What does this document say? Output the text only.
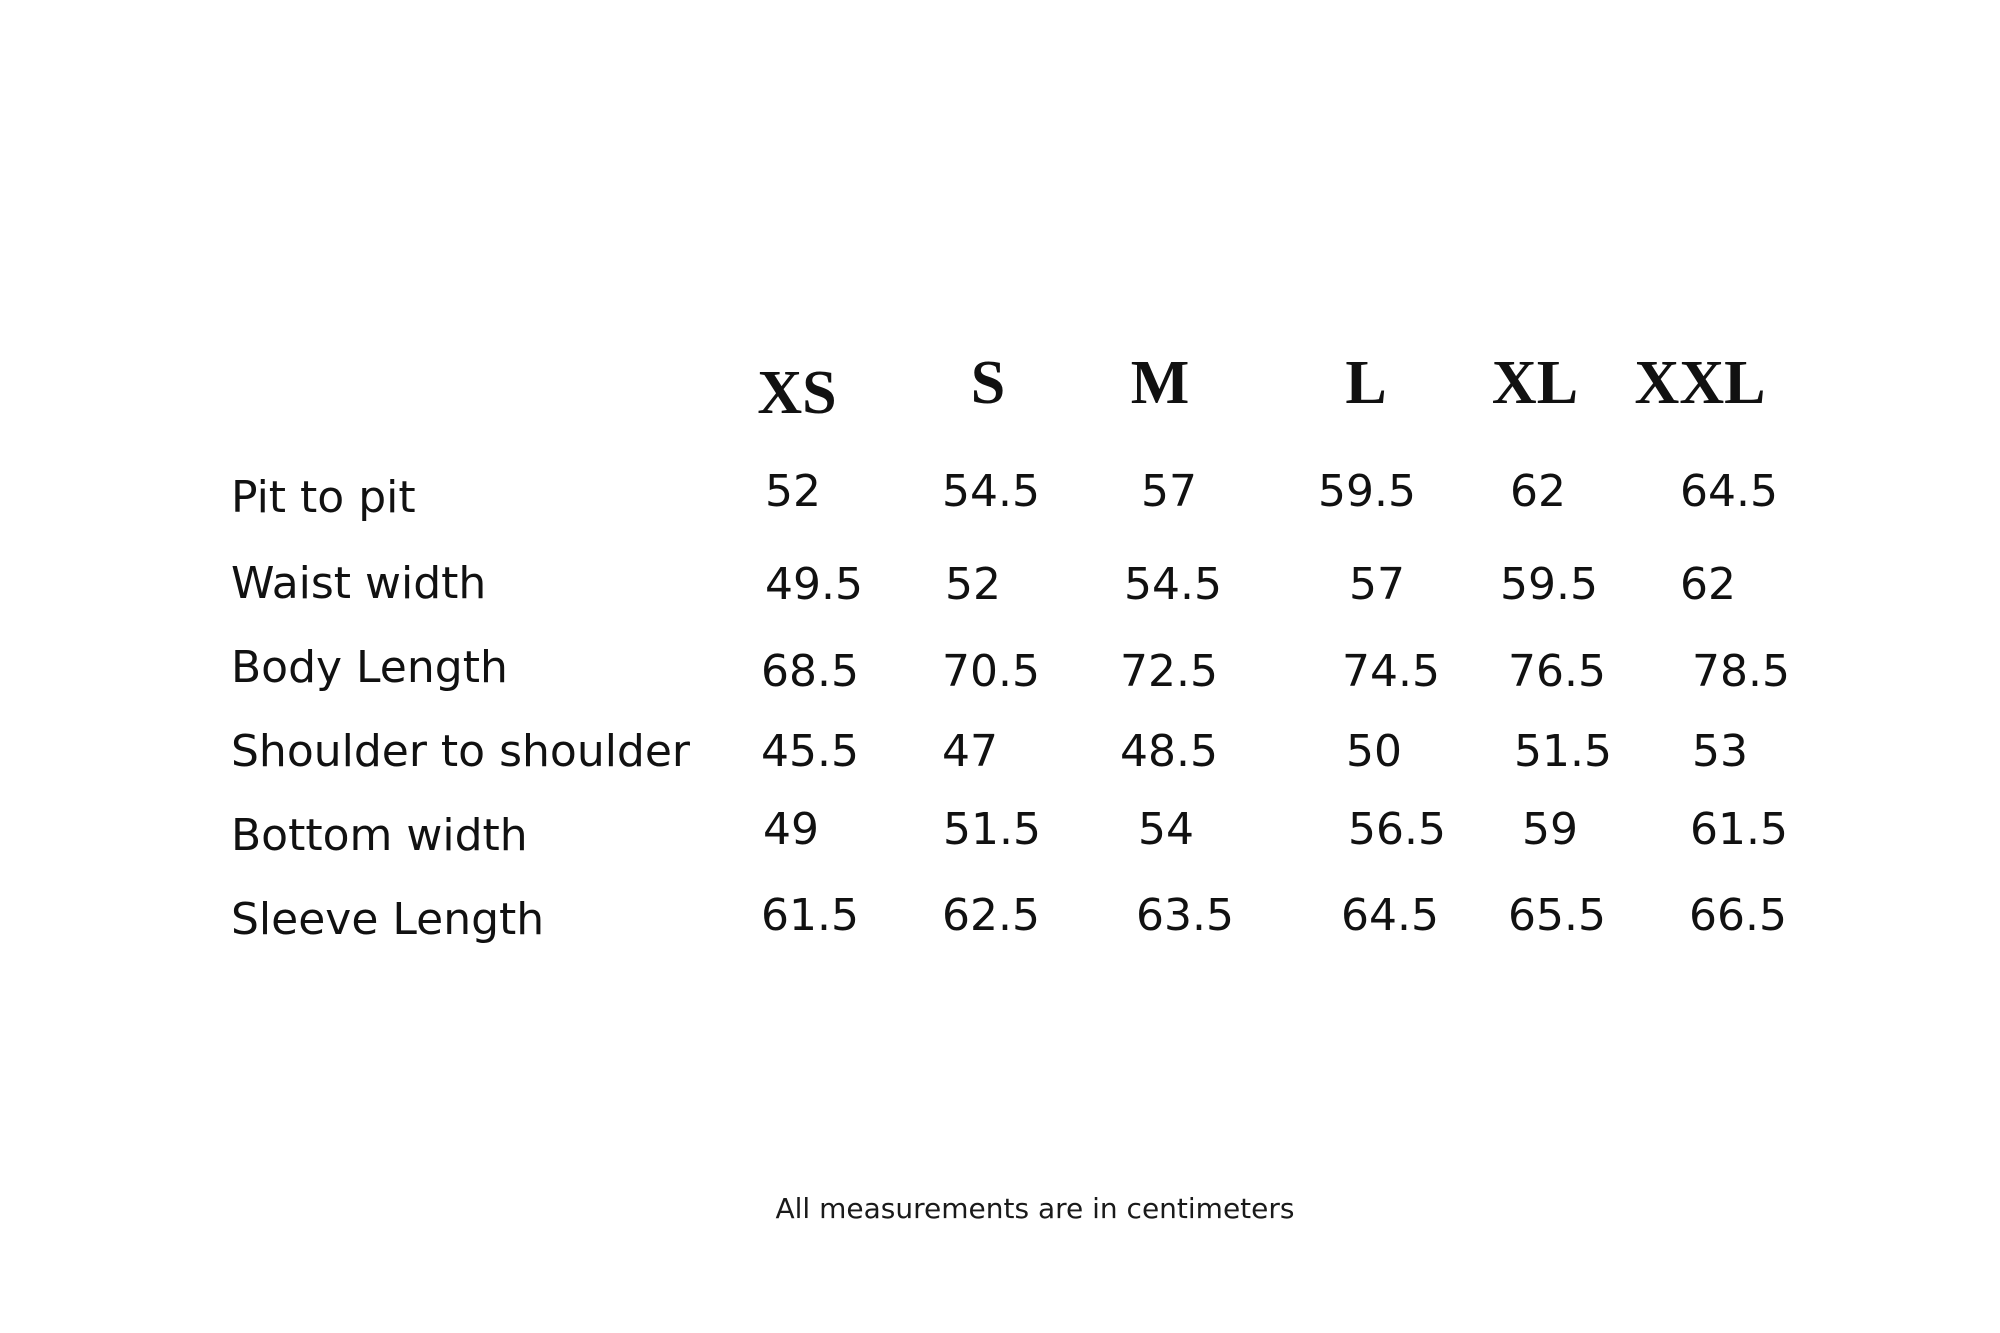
XS S M	L XL XXL
Pit to pit	52	54.5 57	59.5 62	64.5
Waist width	49.5 52	54.5	57 59.5 62
Body Length	68.5 70.5 72.5	74.5 76.5 78.5
Shoulder to shoulder 45.5 47	48.5	50	51.5 53
Bottom width	49	51.5 54	56.5 59	61.5
Sleeve Length	61.5 62.5 63.5 64.5 65.5 66.5
All measurements are in centimeters
